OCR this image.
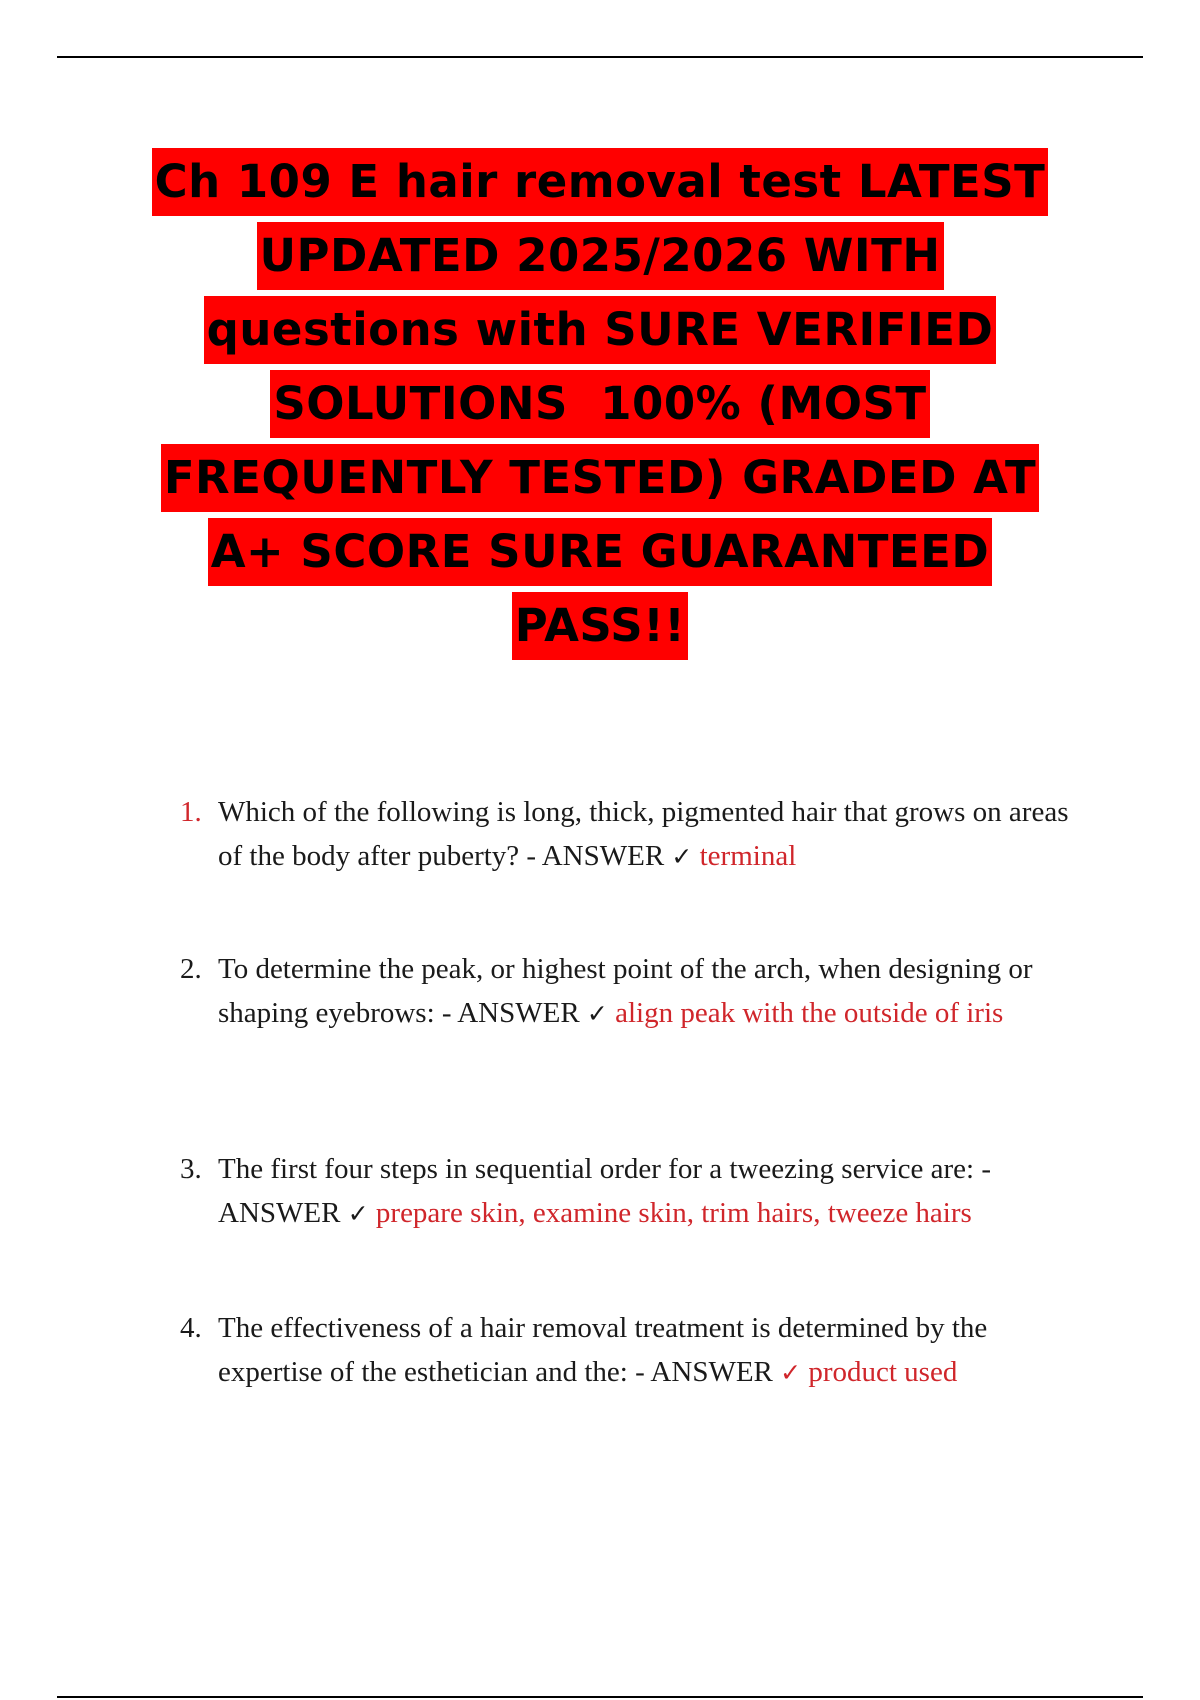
Ch 109 E hair removal test LATEST
UPDATED 2025/2026 WITH
questions with SURE VERIFIED
SOLUTIONS  100% (MOST
FREQUENTLY TESTED) GRADED AT
A+ SCORE SURE GUARANTEED
PASS!!
1. Which of the following is long, thick, pigmented hair that grows on areas of the body after puberty? - ANSWER ✓ terminal
2. To determine the peak, or highest point of the arch, when designing or shaping eyebrows: - ANSWER ✓ align peak with the outside of iris
3. The first four steps in sequential order for a tweezing service are: - ANSWER ✓ prepare skin, examine skin, trim hairs, tweeze hairs
4. The effectiveness of a hair removal treatment is determined by the expertise of the esthetician and the: - ANSWER ✓ product used
